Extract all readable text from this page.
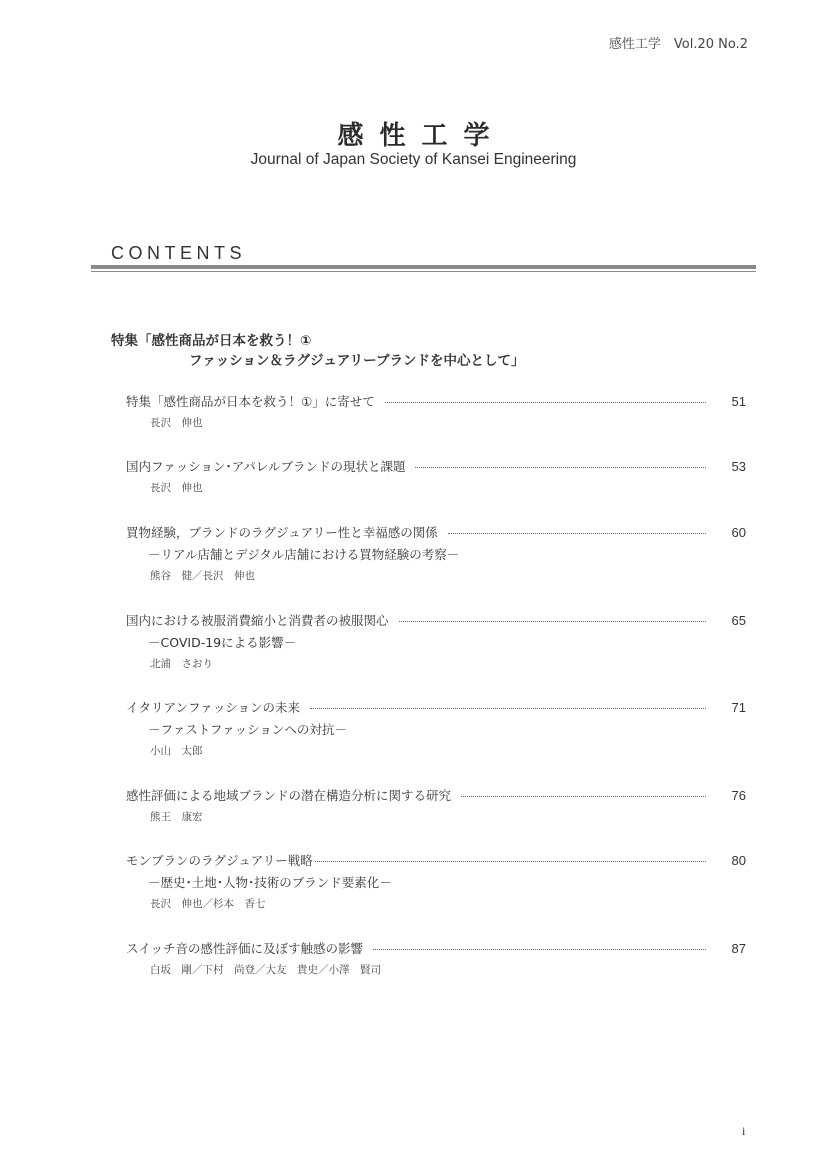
感性工学　Vol.20 No.2
感性工学
Journal of Japan Society of Kansei Engineering
CONTENTS
特集「感性商品が日本を救う！①
ファッション＆ラグジュアリーブランドを中心として」
特集「感性商品が日本を救う！①」に寄せて	51
長沢　伸也
国内ファッション･アパレルブランドの現状と課題	53
長沢　伸也
買物経験，ブランドのラグジュアリー性と幸福感の関係	60
－リアル店舗とデジタル店舗における買物経験の考察－
熊谷　健／長沢　伸也
国内における被服消費縮小と消費者の被服関心	65
－COVID-19による影響－
北浦　さおり
イタリアンファッションの未来	71
－ファストファッションへの対抗－
小山　太郎
感性評価による地域ブランドの潜在構造分析に関する研究	76
熊王　康宏
モンブランのラグジュアリー戦略	80
－歴史･土地･人物･技術のブランド要素化－
長沢　伸也／杉本　香七
スイッチ音の感性評価に及ぼす触感の影響	87
白坂　剛／下村　尚登／大友　貴史／小澤　賢司
i
